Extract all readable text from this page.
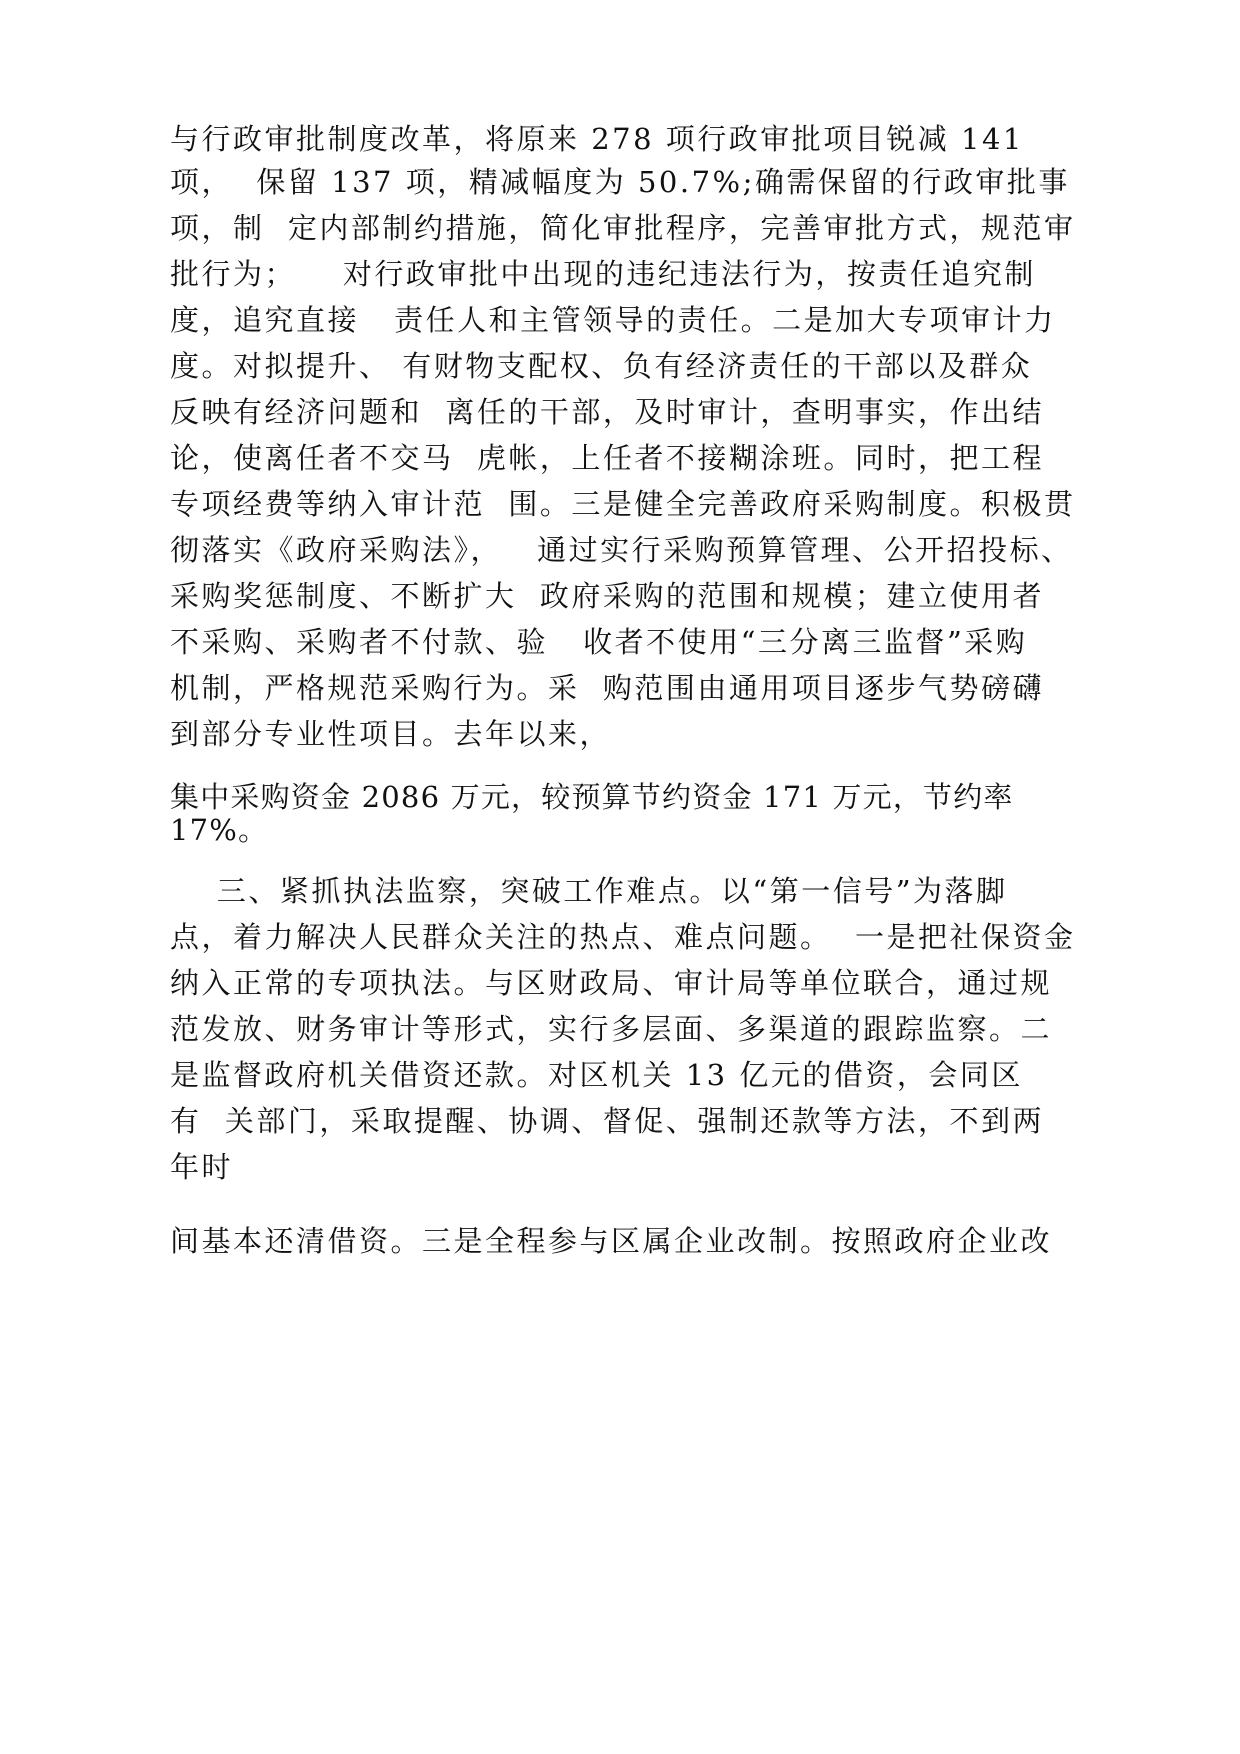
与行政审批制度改革，将原来 278 项行政审批项目锐减 141
项，  保留 137 项，精减幅度为 50.7%;确需保留的行政审批事
项，制  定内部制约措施，简化审批程序，完善审批方式，规范审
批行为；    对行政审批中出现的违纪违法行为，按责任追究制
度，追究直接   责任人和主管领导的责任。二是加大专项审计力
度。对拟提升、 有财物支配权、负有经济责任的干部以及群众
反映有经济问题和  离任的干部，及时审计，查明事实，作出结
论，使离任者不交马  虎帐，上任者不接糊涂班。同时，把工程
专项经费等纳入审计范  围。三是健全完善政府采购制度。积极贯
彻落实《政府采购法》，   通过实行采购预算管理、公开招投标、
采购奖惩制度、不断扩大  政府采购的范围和规模；建立使用者
不采购、采购者不付款、验   收者不使用“三分离三监督”采购
机制，严格规范采购行为。采  购范围由通用项目逐步气势磅礴
到部分专业性项目。去年以来，
集中采购资金 2086 万元，较预算节约资金 171 万元，节约率
17%。
三、紧抓执法监察，突破工作难点。以“第一信号”为落脚
点，着力解决人民群众关注的热点、难点问题。  一是把社保资金
纳入正常的专项执法。与区财政局、审计局等单位联合，通过规
范发放、财务审计等形式，实行多层面、多渠道的跟踪监察。二
是监督政府机关借资还款。对区机关 13 亿元的借资，会同区
有  关部门，采取提醒、协调、督促、强制还款等方法，不到两
年时
间基本还清借资。三是全程参与区属企业改制。按照政府企业改
